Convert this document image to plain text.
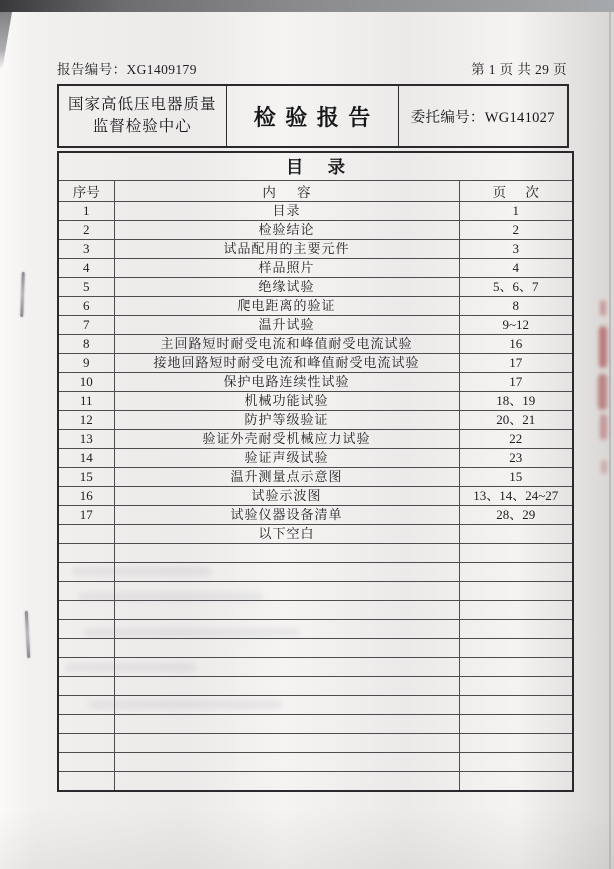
报告编号：XG1409179	第 1 页 共 29 页
国家高低压电器质量
监督检验中心	检 验 报 告	委托编号：WG141027
目 录		
序号	内 容	页 次
1	目录	1
2	检验结论	2
3	试品配用的主要元件	3
4	样品照片	4
5	绝缘试验	5、6、7
6	爬电距离的验证	8
7	温升试验	9~12
8	主回路短时耐受电流和峰值耐受电流试验	16
9	接地回路短时耐受电流和峰值耐受电流试验	17
10	保护电路连续性试验	17
11	机械功能试验	18、19
12	防护等级验证	20、21
13	验证外壳耐受机械应力试验	22
14	验证声级试验	23
15	温升测量点示意图	15
16	试验示波图	13、14、24~27
17	试验仪器设备清单	28、29
	以下空白	
